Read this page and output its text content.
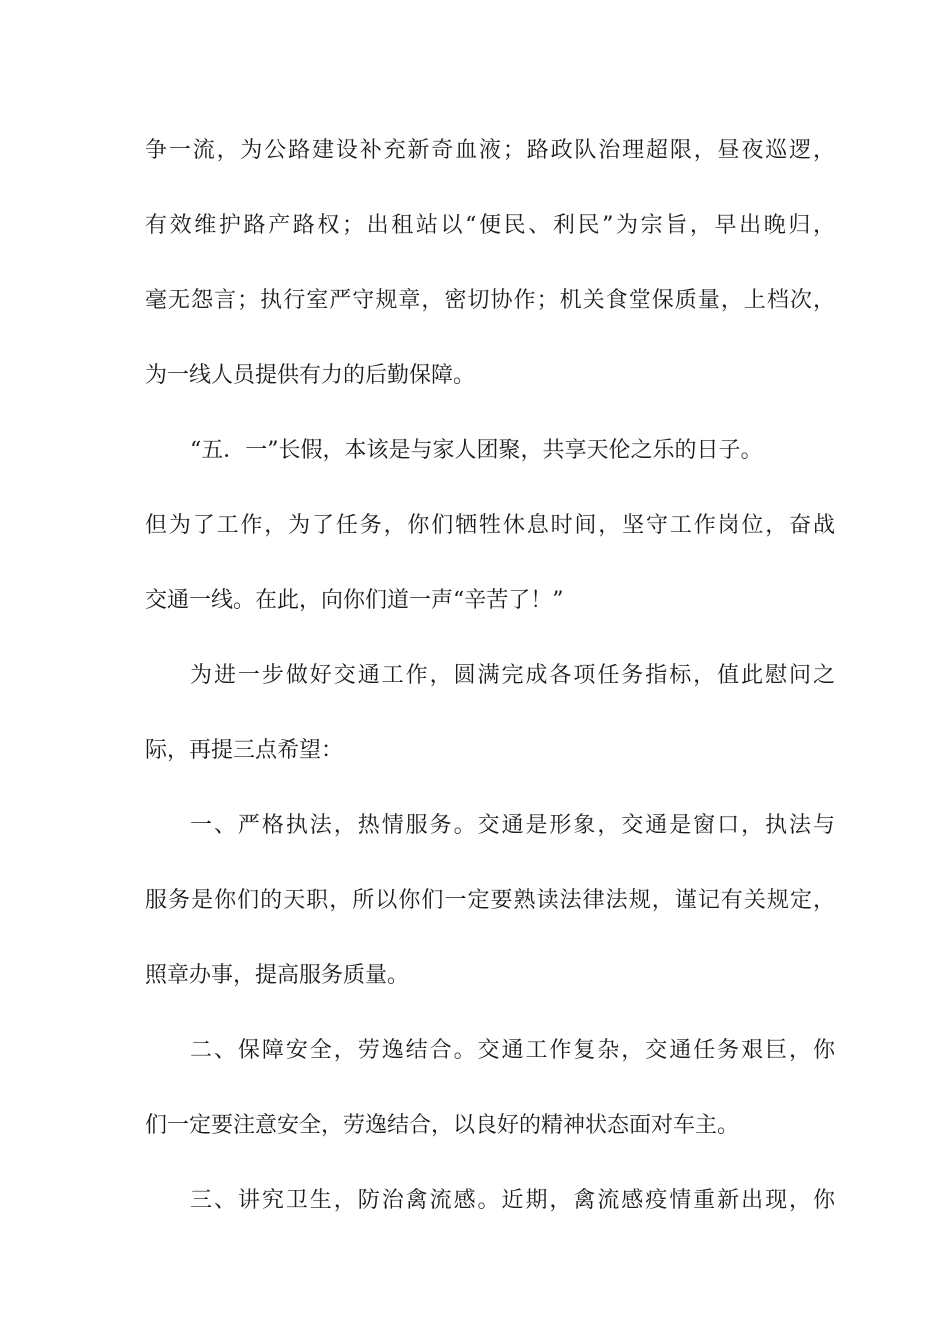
争一流，为公路建设补充新奇血液；路政队治理超限，昼夜巡逻，

有效维护路产路权；出租站以“便民、利民”为宗旨，早出晚归，

毫无怨言；执行室严守规章，密切协作；机关食堂保质量，上档次，

为一线人员提供有力的后勤保障。

“五．一”长假，本该是与家人团聚，共享天伦之乐的日子。

但为了工作，为了任务，你们牺牲休息时间，坚守工作岗位，奋战

交通一线。在此，向你们道一声“辛苦了！”

为进一步做好交通工作，圆满完成各项任务指标，值此慰问之

际，再提三点希望：

一、严格执法，热情服务。交通是形象，交通是窗口，执法与

服务是你们的天职，所以你们一定要熟读法律法规，谨记有关规定，

照章办事，提高服务质量。

二、保障安全，劳逸结合。交通工作复杂，交通任务艰巨，你

们一定要注意安全，劳逸结合，以良好的精神状态面对车主。

三、讲究卫生，防治禽流感。近期，禽流感疫情重新出现，你
